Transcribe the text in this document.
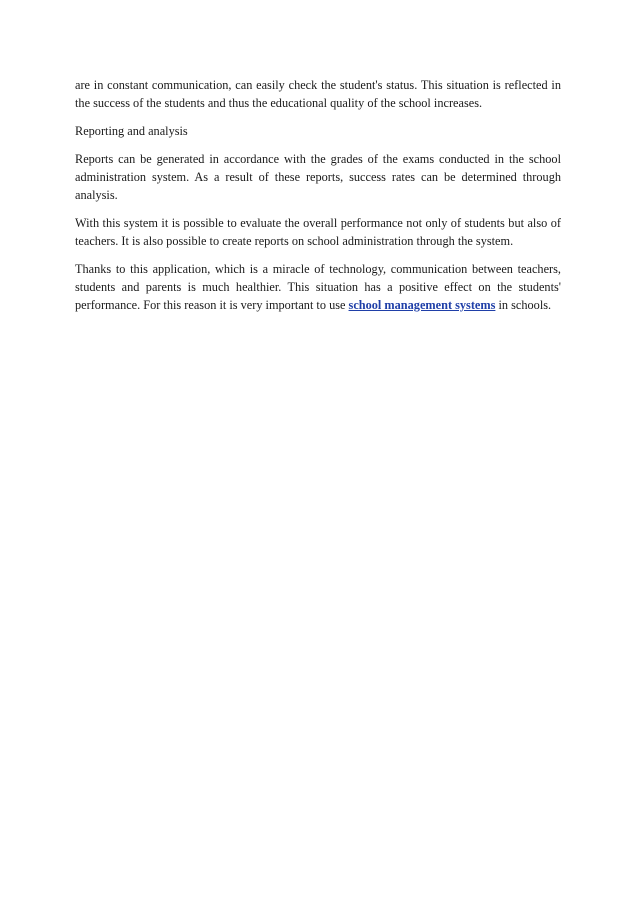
are in constant communication, can easily check the student's status. This situation is reflected in the success of the students and thus the educational quality of the school increases.

Reporting and analysis

Reports can be generated in accordance with the grades of the exams conducted in the school administration system. As a result of these reports, success rates can be determined through analysis.

With this system it is possible to evaluate the overall performance not only of students but also of teachers. It is also possible to create reports on school administration through the system.

Thanks to this application, which is a miracle of technology, communication between teachers, students and parents is much healthier. This situation has a positive effect on the students' performance. For this reason it is very important to use school management systems in schools.
